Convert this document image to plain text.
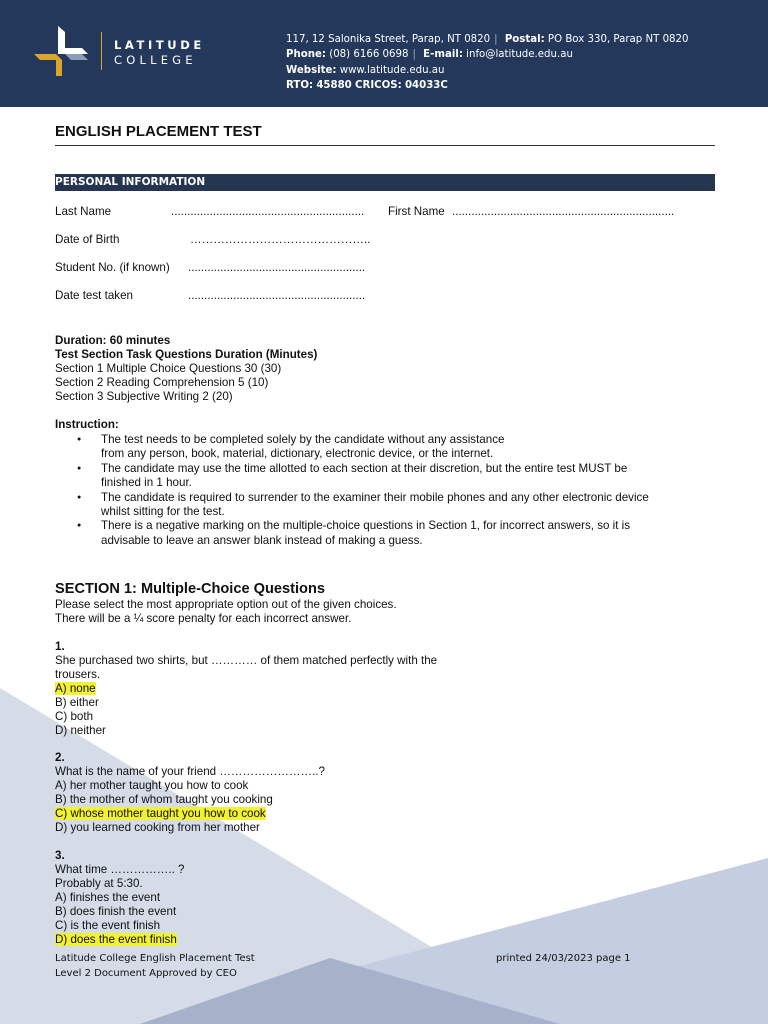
LATITUDE
COLLEGE
117, 12 Salonika Street, Parap, NT 0820 | Postal: PO Box 330, Parap NT 0820
Phone: (08) 6166 0698 | E-mail: info@latitude.edu.au
Website: www.latitude.edu.au
RTO: 45880 CRICOS: 04033C
ENGLISH PLACEMENT TEST
PERSONAL INFORMATION
Last Name	............................................................ First Name .....................................................................
Date of Birth	………………………………………..
Student No. (if known) .......................................................
Date test taken	.......................................................
Duration: 60 minutes
Test Section Task Questions Duration (Minutes)
Section 1 Multiple Choice Questions 30 (30)
Section 2 Reading Comprehension 5 (10)
Section 3 Subjective Writing 2 (20)
Instruction:
● The test needs to be completed solely by the candidate without any assistance
from any person, book, material, dictionary, electronic device, or the internet.
● The candidate may use the time allotted to each section at their discretion, but the entire test MUST be
finished in 1 hour.
● The candidate is required to surrender to the examiner their mobile phones and any other electronic device
whilst sitting for the test.
● There is a negative marking on the multiple-choice questions in Section 1, for incorrect answers, so it is
advisable to leave an answer blank instead of making a guess.
SECTION 1: Multiple-Choice Questions
Please select the most appropriate option out of the given choices.
There will be a ¼ score penalty for each incorrect answer.
1.
She purchased two shirts, but ………… of them matched perfectly with the
trousers.
A) none
B) either
C) both
D) neither
2.
What is the name of your friend ……………………..?
A) her mother taught you how to cook
B) the mother of whom taught you cooking
C) whose mother taught you how to cook
D) you learned cooking from her mother
3.
What time …………….. ?
Probably at 5:30.
A) finishes the event
B) does finish the event
C) is the event finish
D) does the event finish
Latitude College English Placement Test
Level 2 Document Approved by CEO
printed 24/03/2023 page 1
